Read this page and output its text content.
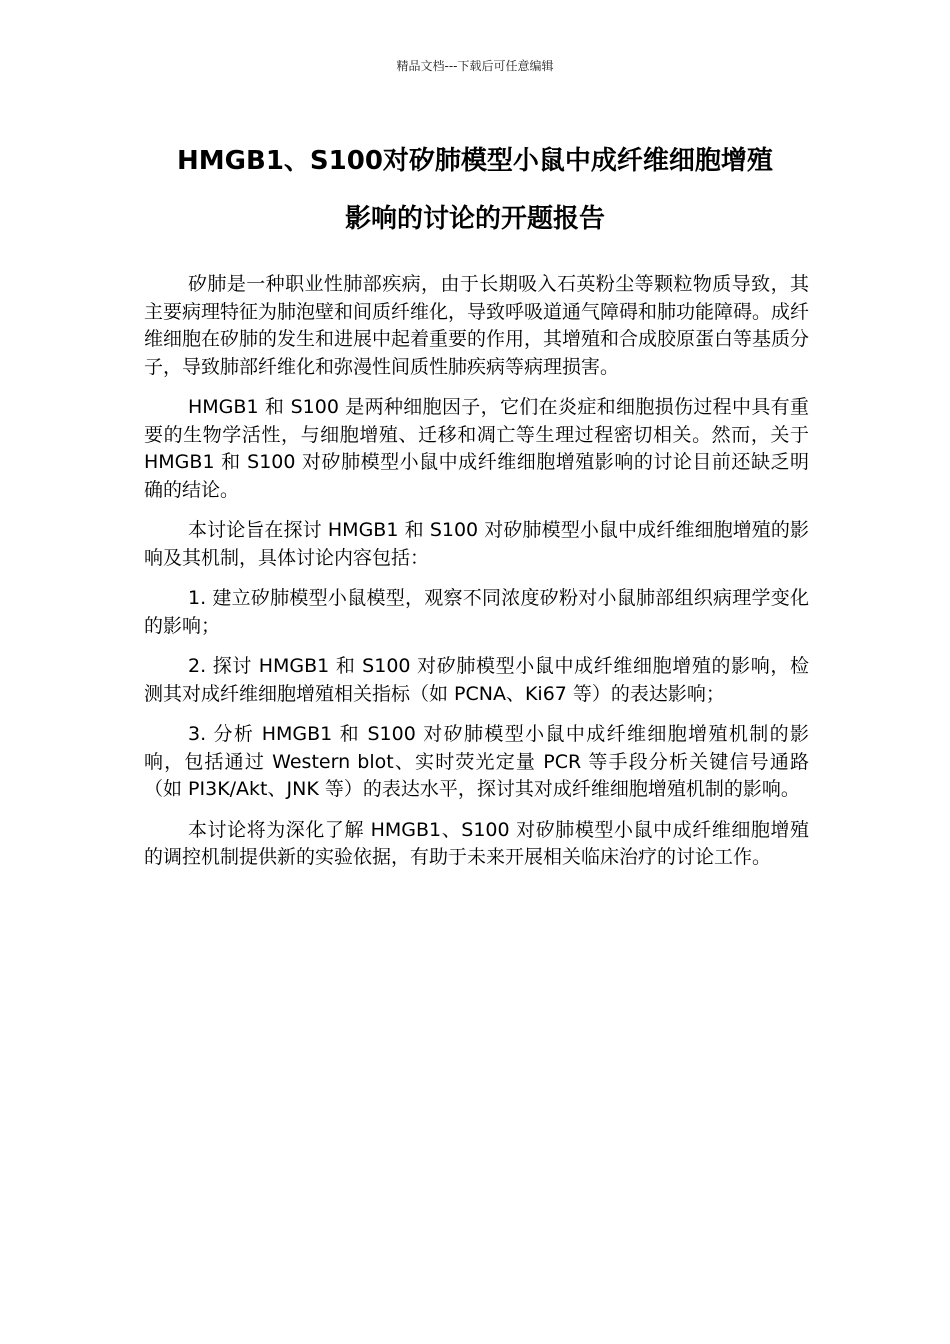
精品文档---下载后可任意编辑
HMGB1、S100对矽肺模型小鼠中成纤维细胞增殖
影响的讨论的开题报告

矽肺是一种职业性肺部疾病，由于长期吸入石英粉尘等颗粒物质导致，其主要病理特征为肺泡壁和间质纤维化，导致呼吸道通气障碍和肺功能障碍。成纤维细胞在矽肺的发生和进展中起着重要的作用，其增殖和合成胶原蛋白等基质分子，导致肺部纤维化和弥漫性间质性肺疾病等病理损害。

HMGB1 和 S100 是两种细胞因子，它们在炎症和细胞损伤过程中具有重要的生物学活性，与细胞增殖、迁移和凋亡等生理过程密切相关。然而，关于 HMGB1 和 S100 对矽肺模型小鼠中成纤维细胞增殖影响的讨论目前还缺乏明确的结论。

本讨论旨在探讨 HMGB1 和 S100 对矽肺模型小鼠中成纤维细胞增殖的影响及其机制，具体讨论内容包括：

1. 建立矽肺模型小鼠模型，观察不同浓度矽粉对小鼠肺部组织病理学变化的影响；

2. 探讨 HMGB1 和 S100 对矽肺模型小鼠中成纤维细胞增殖的影响，检测其对成纤维细胞增殖相关指标（如 PCNA、Ki67 等）的表达影响；

3. 分析 HMGB1 和 S100 对矽肺模型小鼠中成纤维细胞增殖机制的影响，包括通过 Western blot、实时荧光定量 PCR 等手段分析关键信号通路（如 PI3K/Akt、JNK 等）的表达水平，探讨其对成纤维细胞增殖机制的影响。

本讨论将为深化了解 HMGB1、S100 对矽肺模型小鼠中成纤维细胞增殖的调控机制提供新的实验依据，有助于未来开展相关临床治疗的讨论工作。
